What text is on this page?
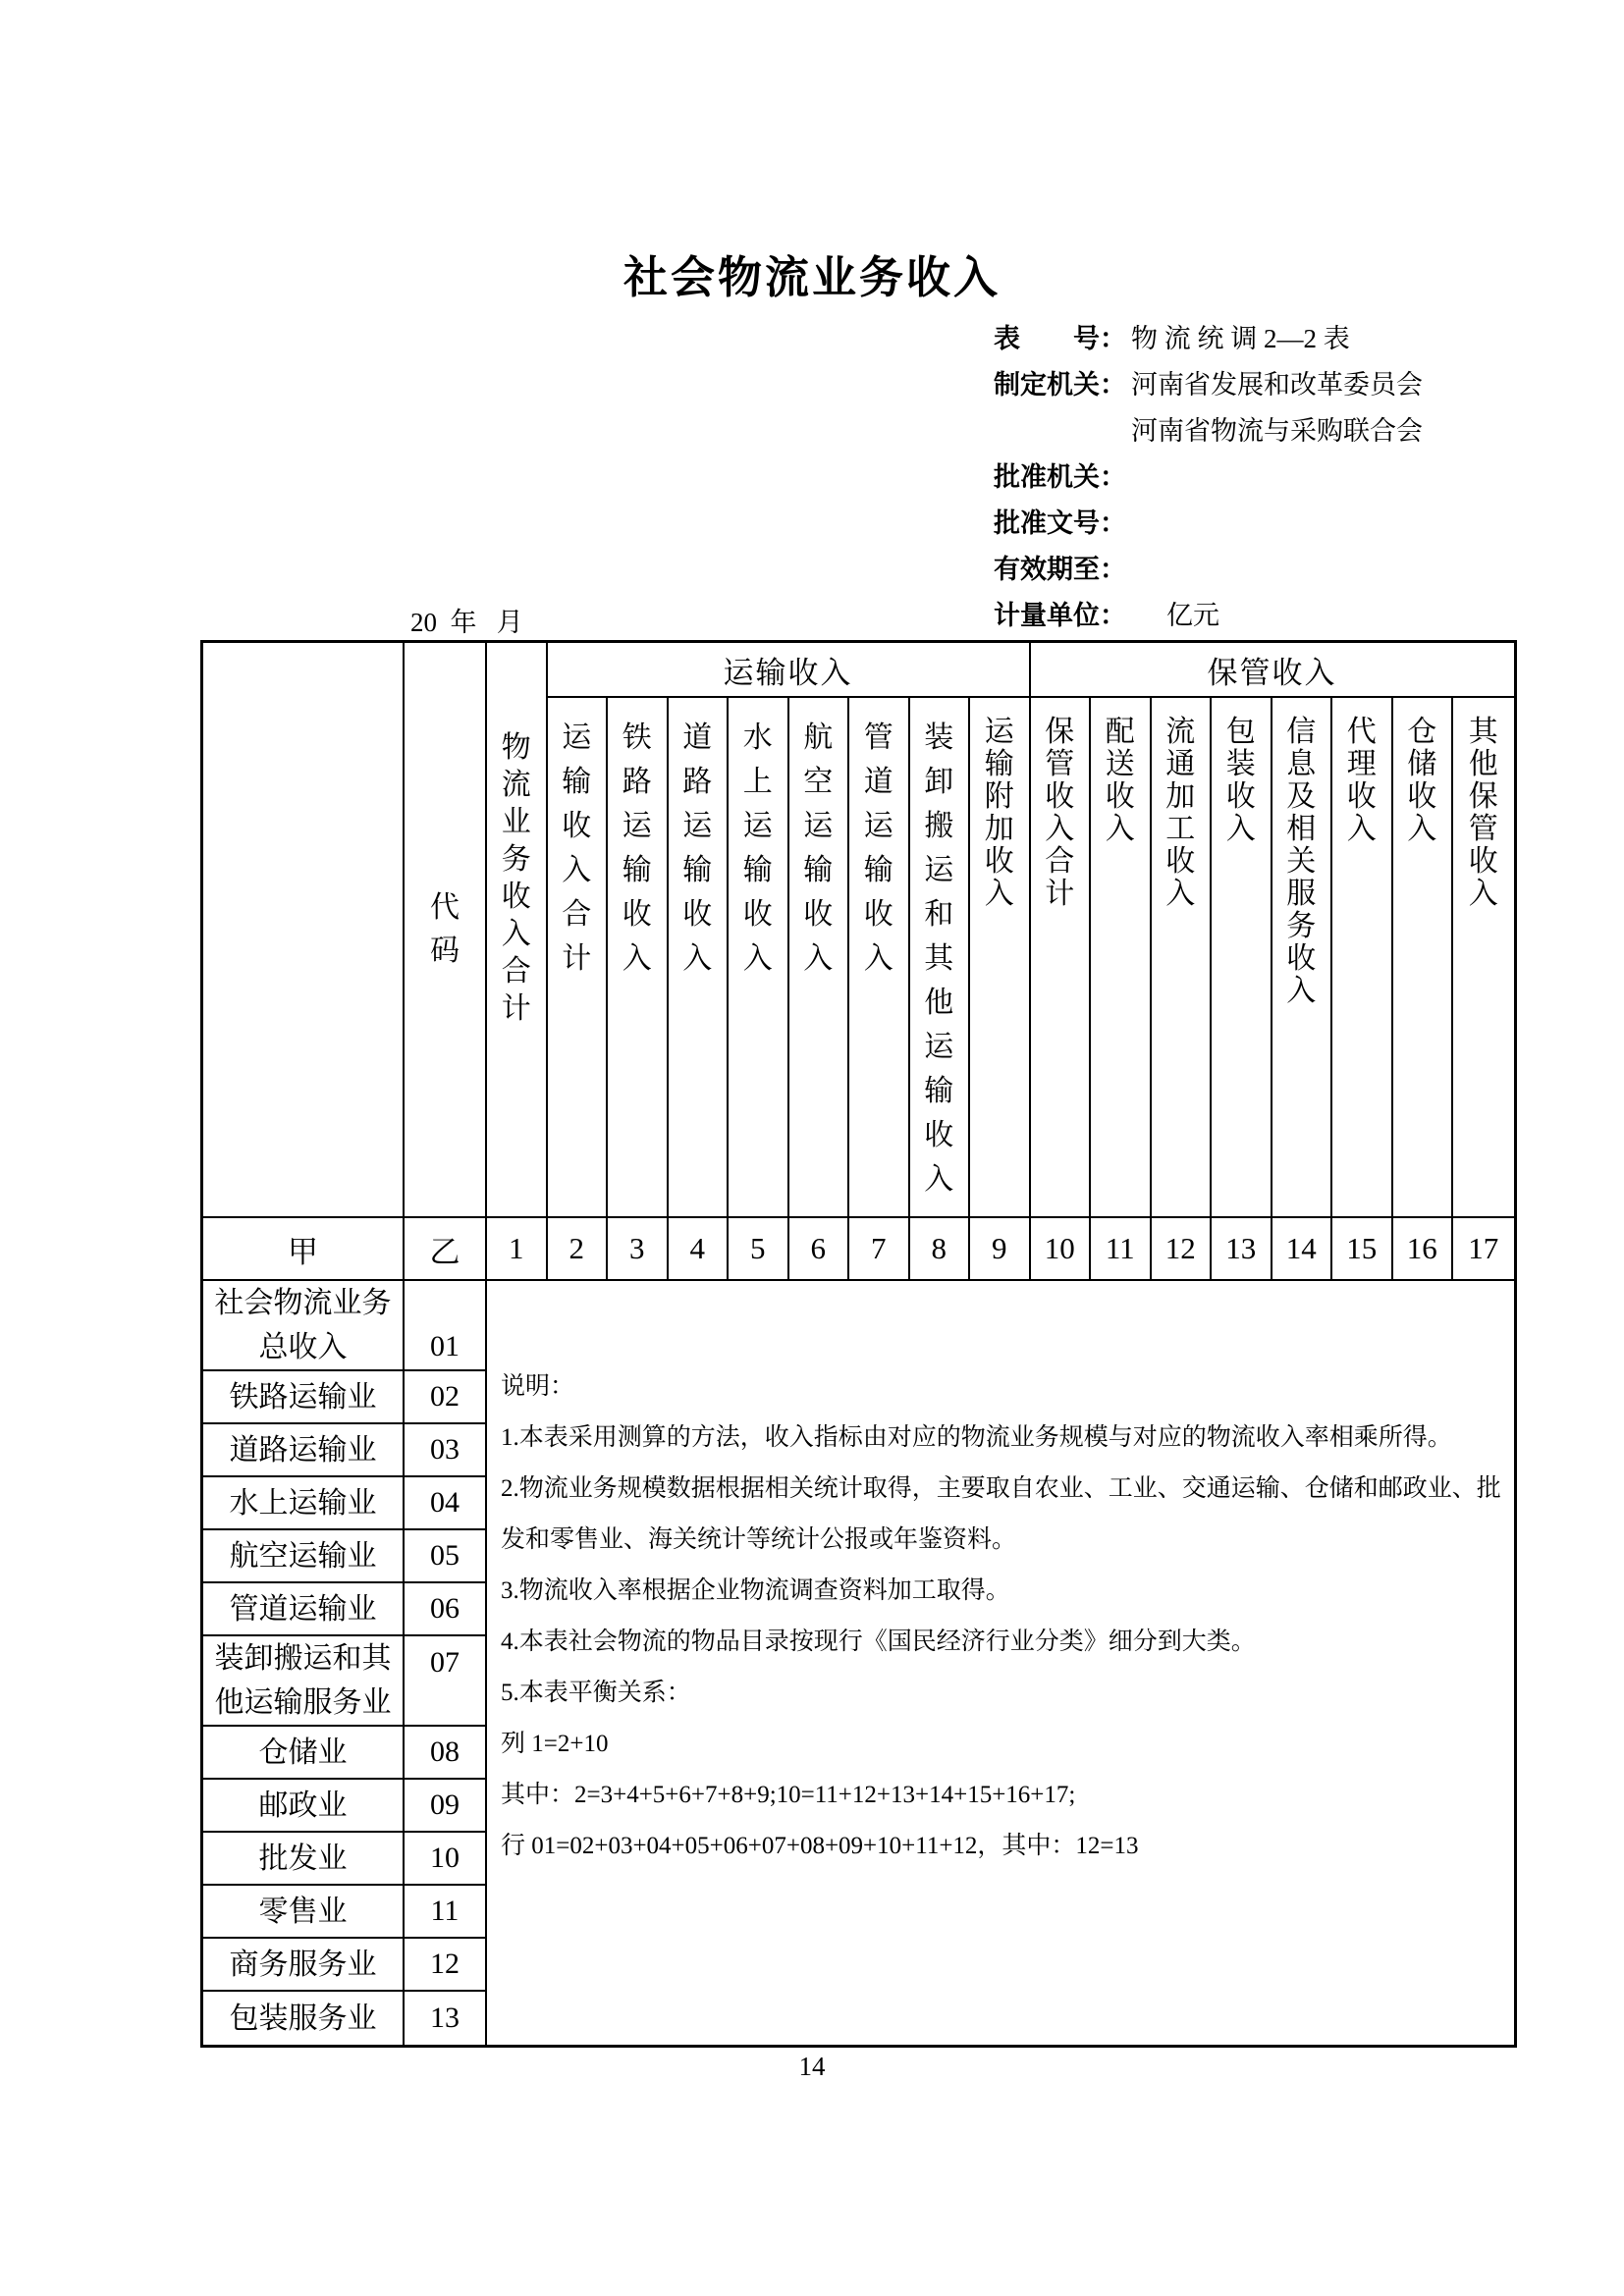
社会物流业务收入
表　　号： 物 流 统 调 2—2 表
制定机关： 河南省发展和改革委员会
河南省物流与采购联合会
批准机关：
批准文号：
有效期至：
计量单位： 亿元
20  年   月
代码
物流业务收入合计
运输收入	保管收入
运输收入合计
铁路运输收入
道路运输收入
水上运输收入
航空运输收入
管道运输收入
装卸搬运和其他运输收入
运输附加收入
保管收入合计
配送收入
流通加工收入
包装收入
信息及相关服务收入
代理收入
仓储收入
其他保管收入
甲	乙 1 2 3 4 5 6 7 8 9 10 11 12 13 14 15 16 17
社会物流业务
总收入	01
铁路运输业 02
道路运输业 03
水上运输业 04
航空运输业 05
管道运输业 06
装卸搬运和其
他运输服务业
07
仓储业	08
邮政业	09
批发业	10
零售业	11
商务服务业 12
包装服务业 13
说明：
1.本表采用测算的方法，收入指标由对应的物流业务规模与对应的物流收入率相乘所得。
2.物流业务规模数据根据相关统计取得，主要取自农业、工业、交通运输、仓储和邮政业、批
发和零售业、海关统计等统计公报或年鉴资料。
3.物流收入率根据企业物流调查资料加工取得。
4.本表社会物流的物品目录按现行《国民经济行业分类》细分到大类。
5.本表平衡关系：
列 1=2+10
其中：2=3+4+5+6+7+8+9;10=11+12+13+14+15+16+17;
行 01=02+03+04+05+06+07+08+09+10+11+12，其中：12=13
14
